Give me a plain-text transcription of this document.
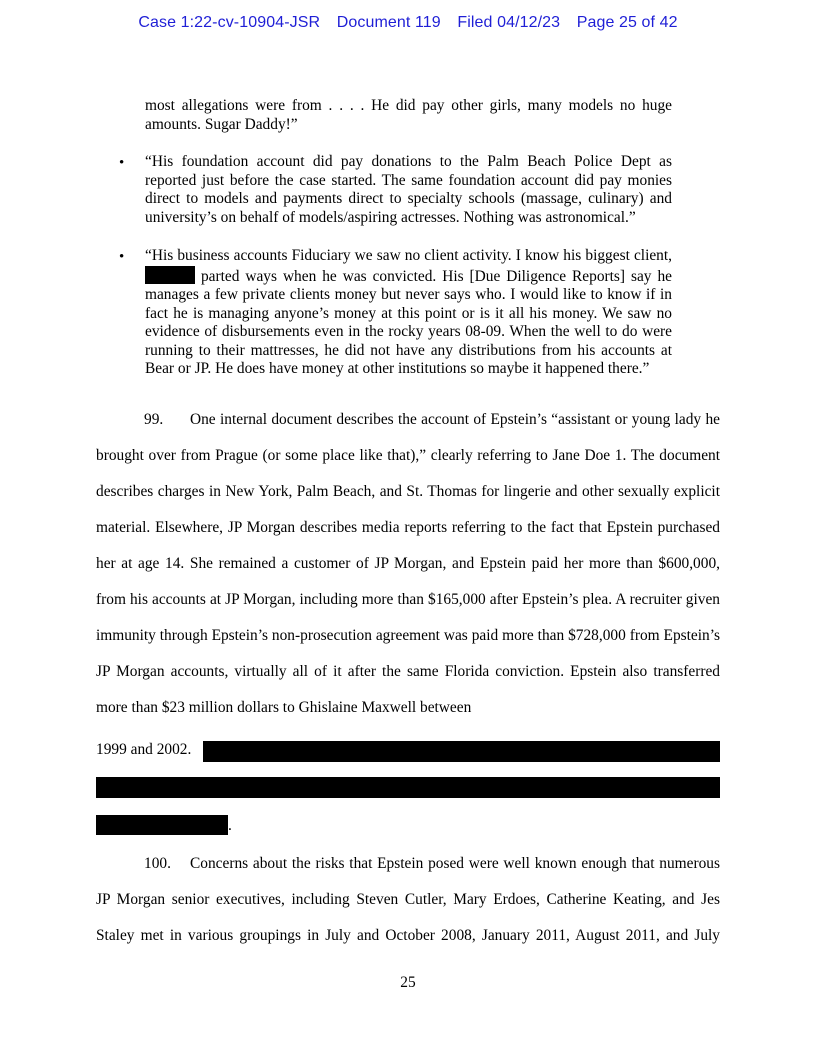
Case 1:22-cv-10904-JSR Document 119 Filed 04/12/23 Page 25 of 42
most allegations were from . . . . He did pay other girls, many models no huge amounts. Sugar Daddy!”
• “His foundation account did pay donations to the Palm Beach Police Dept as reported just before the case started. The same foundation account did pay monies direct to models and payments direct to specialty schools (massage, culinary) and university’s on behalf of models/aspiring actresses. Nothing was astronomical.”
• “His business accounts Fiduciary we saw no client activity. I know his biggest client,  parted ways when he was convicted. His [Due Diligence Reports] say he manages a few private clients money but never says who. I would like to know if in fact he is managing anyone’s money at this point or is it all his money. We saw no evidence of disbursements even in the rocky years 08-09. When the well to do were running to their mattresses, he did not have any distributions from his accounts at Bear or JP. He does have money at other institutions so maybe it happened there.”

99. One internal document describes the account of Epstein’s “assistant or young lady he brought over from Prague (or some place like that),” clearly referring to Jane Doe 1. The document describes charges in New York, Palm Beach, and St. Thomas for lingerie and other sexually explicit material. Elsewhere, JP Morgan describes media reports referring to the fact that Epstein purchased her at age 14. She remained a customer of JP Morgan, and Epstein paid her more than $600,000, from his accounts at JP Morgan, including more than $165,000 after Epstein’s plea. A recruiter given immunity through Epstein’s non-prosecution agreement was paid more than $728,000 from Epstein’s JP Morgan accounts, virtually all of it after the same Florida conviction. Epstein also transferred more than $23 million dollars to Ghislaine Maxwell between

1999 and 2002.
.

100. Concerns about the risks that Epstein posed were well known enough that numerous JP Morgan senior executives, including Steven Cutler, Mary Erdoes, Catherine Keating, and Jes Staley met in various groupings in July and October 2008, January 2011, August 2011, and July

25
